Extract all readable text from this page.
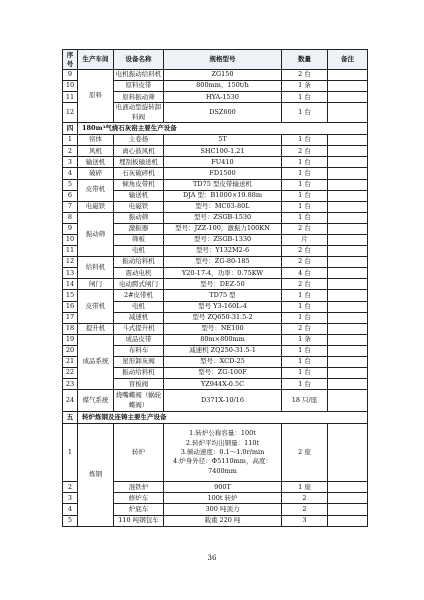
序号	生产车间	设备名称	规格型号	数量	备注
9	原料	电机振动给料机	ZG150	2 台	
10		原料皮带	800mm，150t/h	1 条	
11		原料振动筛	HYA-1530	1 台	
12		电液动型旋转卸料阀	DSZ600	1 台	
四	180m³气烧石灰窑主要生产设备				
1	窑体	主卷扬	5T	1 台	
2	风机	离心鼓风机	SHC100-1.21	2 台	
3	输送机	埋刮板输送机	FU410	1 台	
4	破碎	石灰破碎机	FD1500	1 台	
5	皮带机	倾角皮带机	TD75 型皮带输送机	1 台	
6		输送机	DJA 型：B1000×19.88m	1 台	
7	电磁铁	电磁铁	型号：MC03-80L	1 台	
8	振动筛	振动筛	型号：ZSGB-1530	1 台	
9		激振器	型号：JZZ-100，激振力100KN	2 台	
10		筛板	型号：ZSGB-1330	片	
11		电机	型号：Y132M2-6	2 台	
12	给料机	振动给料机	型号：ZG-80-185	2 台	
13		震动电机	Y20-17-4，功率：0.75KW	4 台	
14	闸门	电动腭式闸门	型号：DEZ-50	2 台	
15	皮带机	2#皮带机	TD75 型	1 台	
16		电机	型号 Y3-160L-4	1 台	
17		减速机	型号 ZQ650-31.5-2	1 台	
18	提升机	斗式提升机	型号：NE100	2 台	
19	成品系统	成品皮带	80m×800mm	1 条	
20		布料车	减速机 ZQ250-31.5-1	1 台	
21		星形卸灰阀	型号：XCD-25	1 台	
22		振动给料机	型号：ZG-100F	1 台	
23		盲板阀	YZ944X-0.5C	1 台	
24	煤气系统	烧嘴蝶阀（蜗轮蝶阀）	D371X-10/16	18 只/座	
五	转炉炼钢及连铸主要生产设备				
1	炼钢	转炉	1.转炉公称容量：100t
2.转炉平均出钢量：110t
3.倾动速度：0.1～1.0r/min
4.炉身外径：Φ5110mm，高度：7400mm	2 座	
2		混铁炉	900T	1 座	
3		修炉车	100t 转炉	2	
4		炉底车	300 吨顶力	2	
5		110 吨钢包车	载重 220 吨	3	
36
